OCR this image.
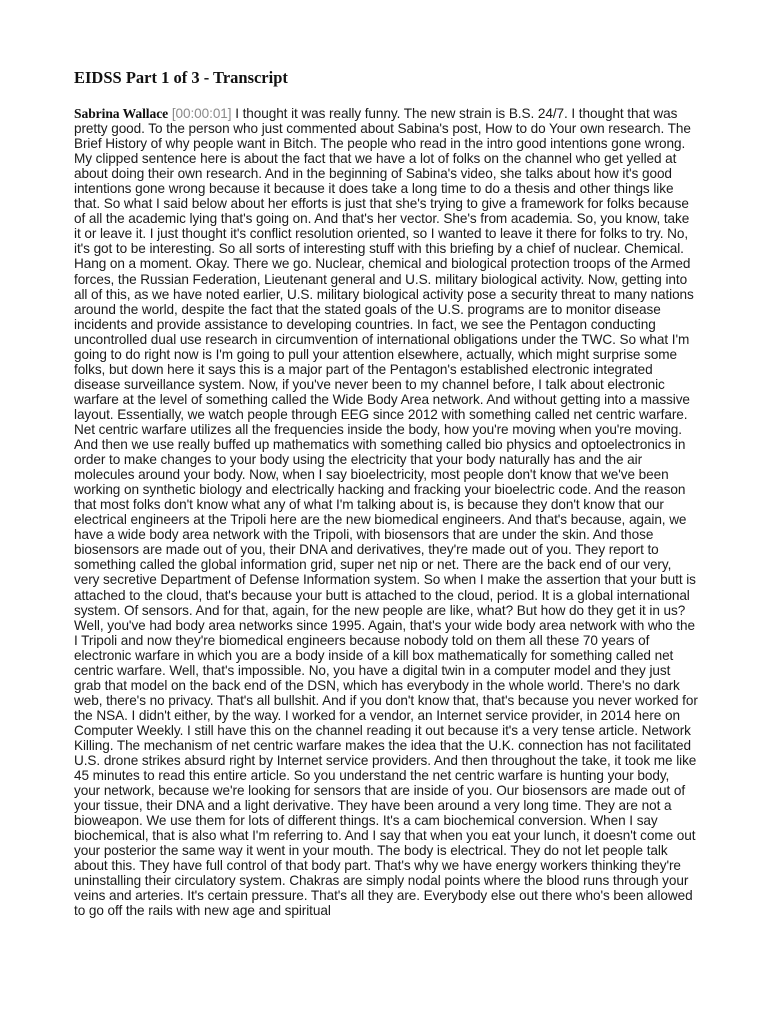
EIDSS Part 1 of 3 - Transcript

Sabrina Wallace [00:00:01] I thought it was really funny. The new strain is B.S. 24/7. I thought that was pretty good. To the person who just commented about Sabina's post, How to do Your own research. The Brief History of why people want in Bitch. The people who read in the intro good intentions gone wrong. My clipped sentence here is about the fact that we have a lot of folks on the channel who get yelled at about doing their own research. And in the beginning of Sabina's video, she talks about how it's good intentions gone wrong because it because it does take a long time to do a thesis and other things like that. So what I said below about her efforts is just that she's trying to give a framework for folks because of all the academic lying that's going on. And that's her vector. She's from academia. So, you know, take it or leave it. I just thought it's conflict resolution oriented, so I wanted to leave it there for folks to try. No, it's got to be interesting. So all sorts of interesting stuff with this briefing by a chief of nuclear. Chemical. Hang on a moment. Okay. There we go. Nuclear, chemical and biological protection troops of the Armed forces, the Russian Federation, Lieutenant general and U.S. military biological activity. Now, getting into all of this, as we have noted earlier, U.S. military biological activity pose a security threat to many nations around the world, despite the fact that the stated goals of the U.S. programs are to monitor disease incidents and provide assistance to developing countries. In fact, we see the Pentagon conducting uncontrolled dual use research in circumvention of international obligations under the TWC. So what I'm going to do right now is I'm going to pull your attention elsewhere, actually, which might surprise some folks, but down here it says this is a major part of the Pentagon's established electronic integrated disease surveillance system. Now, if you've never been to my channel before, I talk about electronic warfare at the level of something called the Wide Body Area network. And without getting into a massive layout. Essentially, we watch people through EEG since 2012 with something called net centric warfare. Net centric warfare utilizes all the frequencies inside the body, how you're moving when you're moving. And then we use really buffed up mathematics with something called bio physics and optoelectronics in order to make changes to your body using the electricity that your body naturally has and the air molecules around your body. Now, when I say bioelectricity, most people don't know that we've been working on synthetic biology and electrically hacking and fracking your bioelectric code. And the reason that most folks don't know what any of what I'm talking about is, is because they don't know that our electrical engineers at the Tripoli here are the new biomedical engineers. And that's because, again, we have a wide body area network with the Tripoli, with biosensors that are under the skin. And those biosensors are made out of you, their DNA and derivatives, they're made out of you. They report to something called the global information grid, super net nip or net. There are the back end of our very, very secretive Department of Defense Information system. So when I make the assertion that your butt is attached to the cloud, that's because your butt is attached to the cloud, period. It is a global international system. Of sensors. And for that, again, for the new people are like, what? But how do they get it in us? Well, you've had body area networks since 1995. Again, that's your wide body area network with who the I Tripoli and now they're biomedical engineers because nobody told on them all these 70 years of electronic warfare in which you are a body inside of a kill box mathematically for something called net centric warfare. Well, that's impossible. No, you have a digital twin in a computer model and they just grab that model on the back end of the DSN, which has everybody in the whole world. There's no dark web, there's no privacy. That's all bullshit. And if you don't know that, that's because you never worked for the NSA. I didn't either, by the way. I worked for a vendor, an Internet service provider, in 2014 here on Computer Weekly. I still have this on the channel reading it out because it's a very tense article. Network Killing. The mechanism of net centric warfare makes the idea that the U.K. connection has not facilitated U.S. drone strikes absurd right by Internet service providers. And then throughout the take, it took me like 45 minutes to read this entire article. So you understand the net centric warfare is hunting your body, your network, because we're looking for sensors that are inside of you. Our biosensors are made out of your tissue, their DNA and a light derivative. They have been around a very long time. They are not a bioweapon. We use them for lots of different things. It's a cam biochemical conversion. When I say biochemical, that is also what I'm referring to. And I say that when you eat your lunch, it doesn't come out your posterior the same way it went in your mouth. The body is electrical. They do not let people talk about this. They have full control of that body part. That's why we have energy workers thinking they're uninstalling their circulatory system. Chakras are simply nodal points where the blood runs through your veins and arteries. It's certain pressure. That's all they are. Everybody else out there who's been allowed to go off the rails with new age and spiritual
